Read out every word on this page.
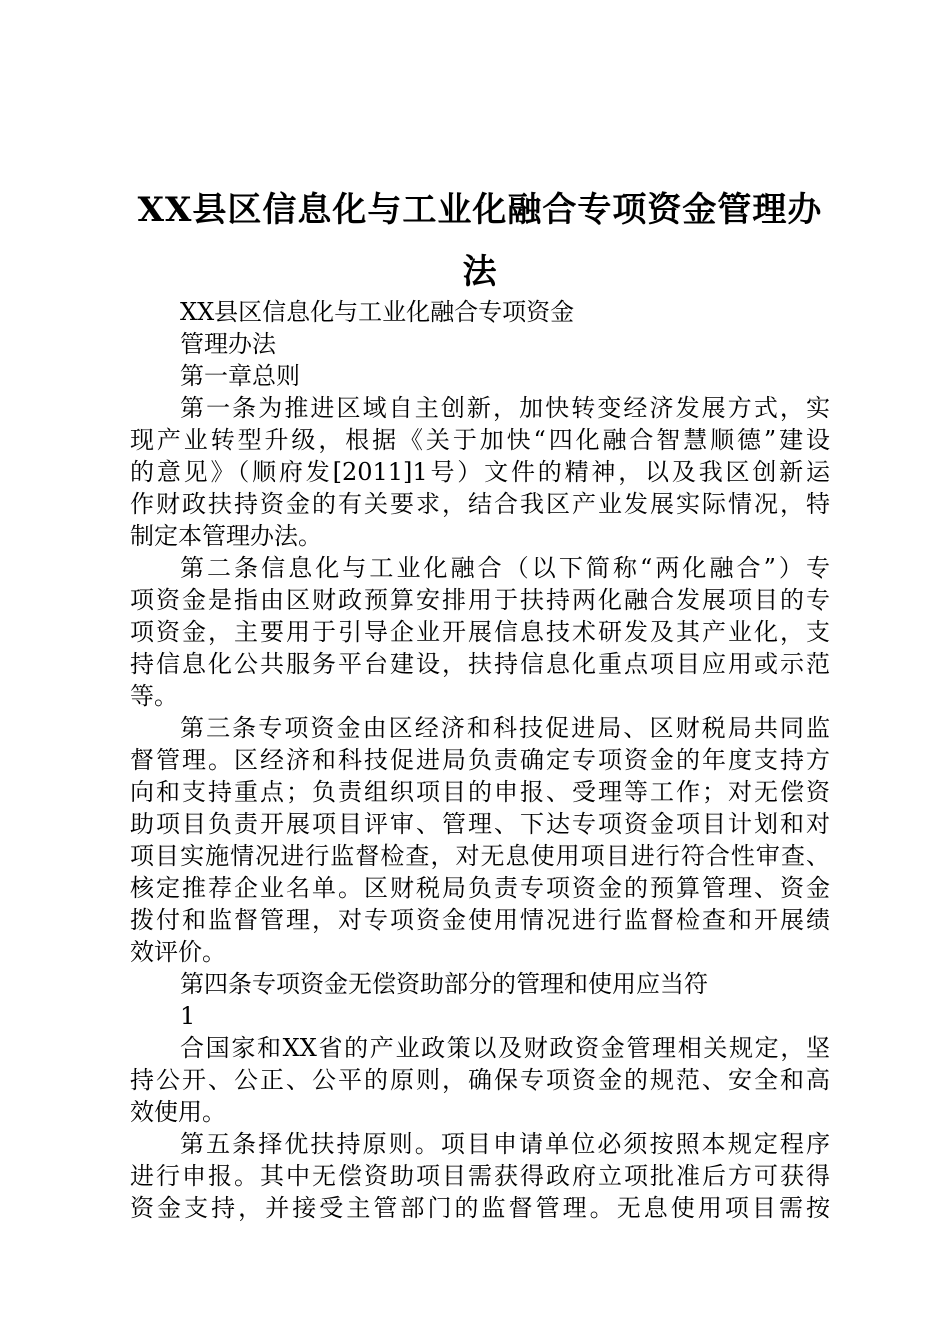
XX县区信息化与工业化融合专项资金管理办
法
XX县区信息化与工业化融合专项资金
管理办法
第一章总则
第一条为推进区域自主创新，加快转变经济发展方式，实
现产业转型升级，根据《关于加快“四化融合智慧顺德”建设
的意见》（顺府发[2011]1号）文件的精神，以及我区创新运
作财政扶持资金的有关要求，结合我区产业发展实际情况，特
制定本管理办法。
第二条信息化与工业化融合（以下简称“两化融合”）专
项资金是指由区财政预算安排用于扶持两化融合发展项目的专
项资金，主要用于引导企业开展信息技术研发及其产业化，支
持信息化公共服务平台建设，扶持信息化重点项目应用或示范
等。
第三条专项资金由区经济和科技促进局、区财税局共同监
督管理。区经济和科技促进局负责确定专项资金的年度支持方
向和支持重点；负责组织项目的申报、受理等工作；对无偿资
助项目负责开展项目评审、管理、下达专项资金项目计划和对
项目实施情况进行监督检查，对无息使用项目进行符合性审查、
核定推荐企业名单。区财税局负责专项资金的预算管理、资金
拨付和监督管理，对专项资金使用情况进行监督检查和开展绩
效评价。
第四条专项资金无偿资助部分的管理和使用应当符
1
合国家和XX省的产业政策以及财政资金管理相关规定，坚
持公开、公正、公平的原则，确保专项资金的规范、安全和高
效使用。
第五条择优扶持原则。项目申请单位必须按照本规定程序
进行申报。其中无偿资助项目需获得政府立项批准后方可获得
资金支持，并接受主管部门的监督管理。无息使用项目需按
